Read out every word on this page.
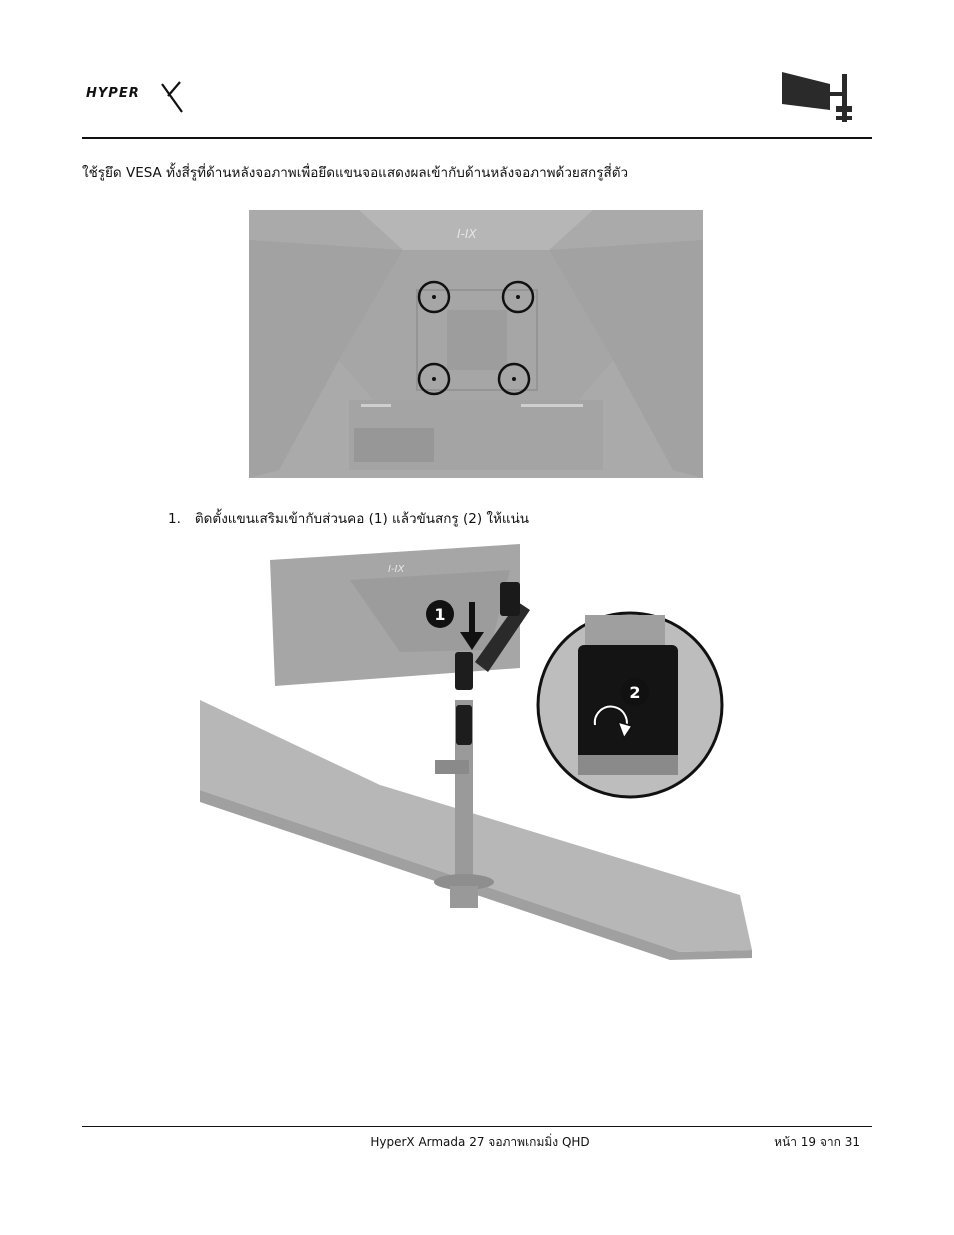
HYPER
ใช้รูยึด VESA ทั้งสี่รูที่ด้านหลังจอภาพเพื่อยึดแขนจอแสดงผลเข้ากับด้านหลังจอภาพด้วยสกรูสี่ตัว
I-IX
1. ติดตั้งแขนเสริมเข้ากับส่วนคอ (1) แล้วขันสกรู (2) ให้แน่น
I-IX
1
2
HyperX Armada 27 จอภาพเกมมิ่ง QHD	หน้า 19 จาก 31
